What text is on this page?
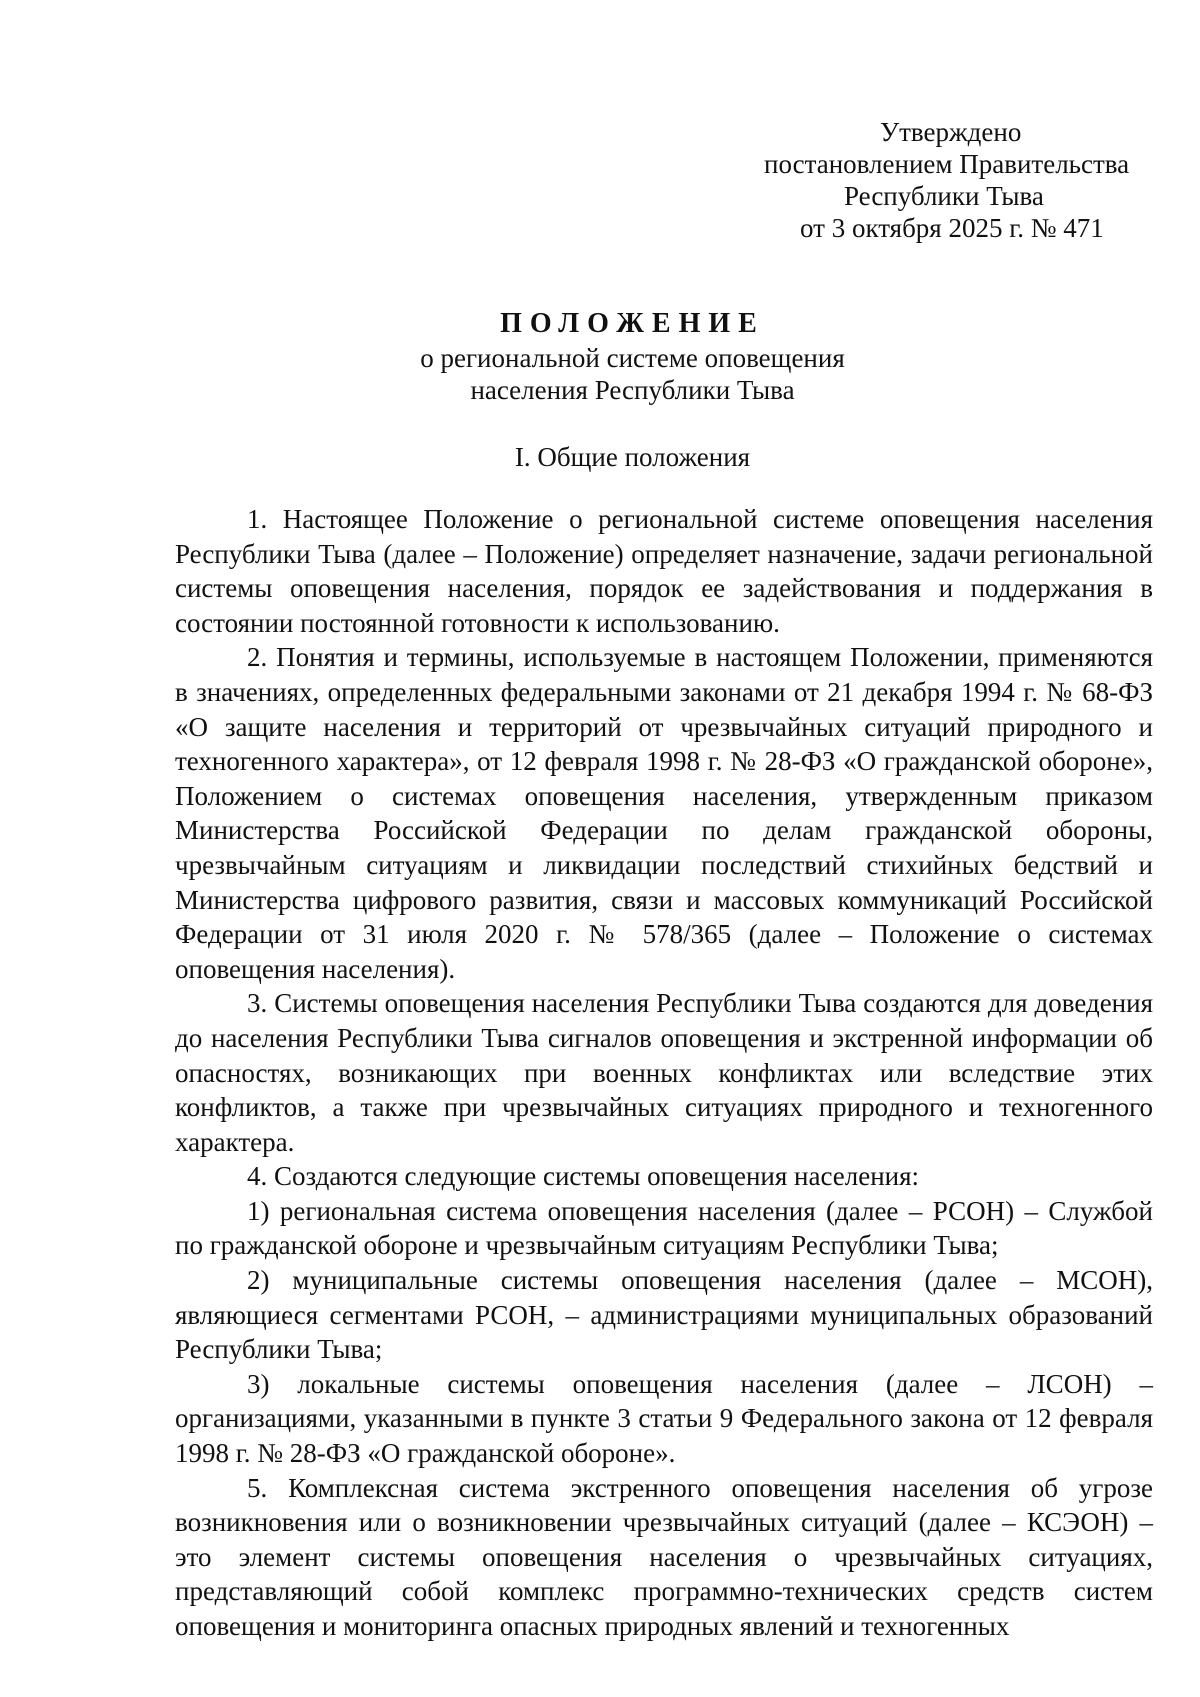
Утверждено
постановлением Правительства
Республики Тыва
от 3 октября 2025 г. № 471
ПОЛОЖЕНИЕ
о региональной системе оповещения
населения Республики Тыва
I. Общие положения

1. Настоящее Положение о региональной системе оповещения населения Республики Тыва (далее – Положение) определяет назначение, задачи региональной системы оповещения населения, порядок ее задействования и поддержания в состоянии постоянной готовности к использованию.

2. Понятия и термины, используемые в настоящем Положении, применяются в значениях, определенных федеральными законами от 21 декабря 1994 г. № 68-ФЗ «О защите населения и территорий от чрезвычайных ситуаций природного и техногенного характера», от 12 февраля 1998 г. № 28-ФЗ «О гражданской обороне», Положением о системах оповещения населения, утвержденным приказом Министерства Российской Федерации по делам гражданской обороны, чрезвычайным ситуациям и ликвидации последствий стихийных бедствий и Министерства цифрового развития, связи и массовых коммуникаций Российской Федерации от 31 июля 2020 г. № 578/365 (далее – Положение о системах оповещения населения).

3. Системы оповещения населения Республики Тыва создаются для доведения до населения Республики Тыва сигналов оповещения и экстренной информации об опасностях, возникающих при военных конфликтах или вследствие этих конфликтов, а также при чрезвычайных ситуациях природного и техногенного характера.

4. Создаются следующие системы оповещения населения:

1) региональная система оповещения населения (далее – РСОН) – Службой по гражданской обороне и чрезвычайным ситуациям Республики Тыва;

2) муниципальные системы оповещения населения (далее – МСОН), являющиеся сегментами РСОН, – администрациями муниципальных образований Республики Тыва;

3) локальные системы оповещения населения (далее – ЛСОН) – организациями, указанными в пункте 3 статьи 9 Федерального закона от 12 февраля 1998 г. № 28-ФЗ «О гражданской обороне».

5. Комплексная система экстренного оповещения населения об угрозе возникновения или о возникновении чрезвычайных ситуаций (далее – КСЭОН) – это элемент системы оповещения населения о чрезвычайных ситуациях, представляющий собой комплекс программно-технических средств систем оповещения и мониторинга опасных природных явлений и техногенных
